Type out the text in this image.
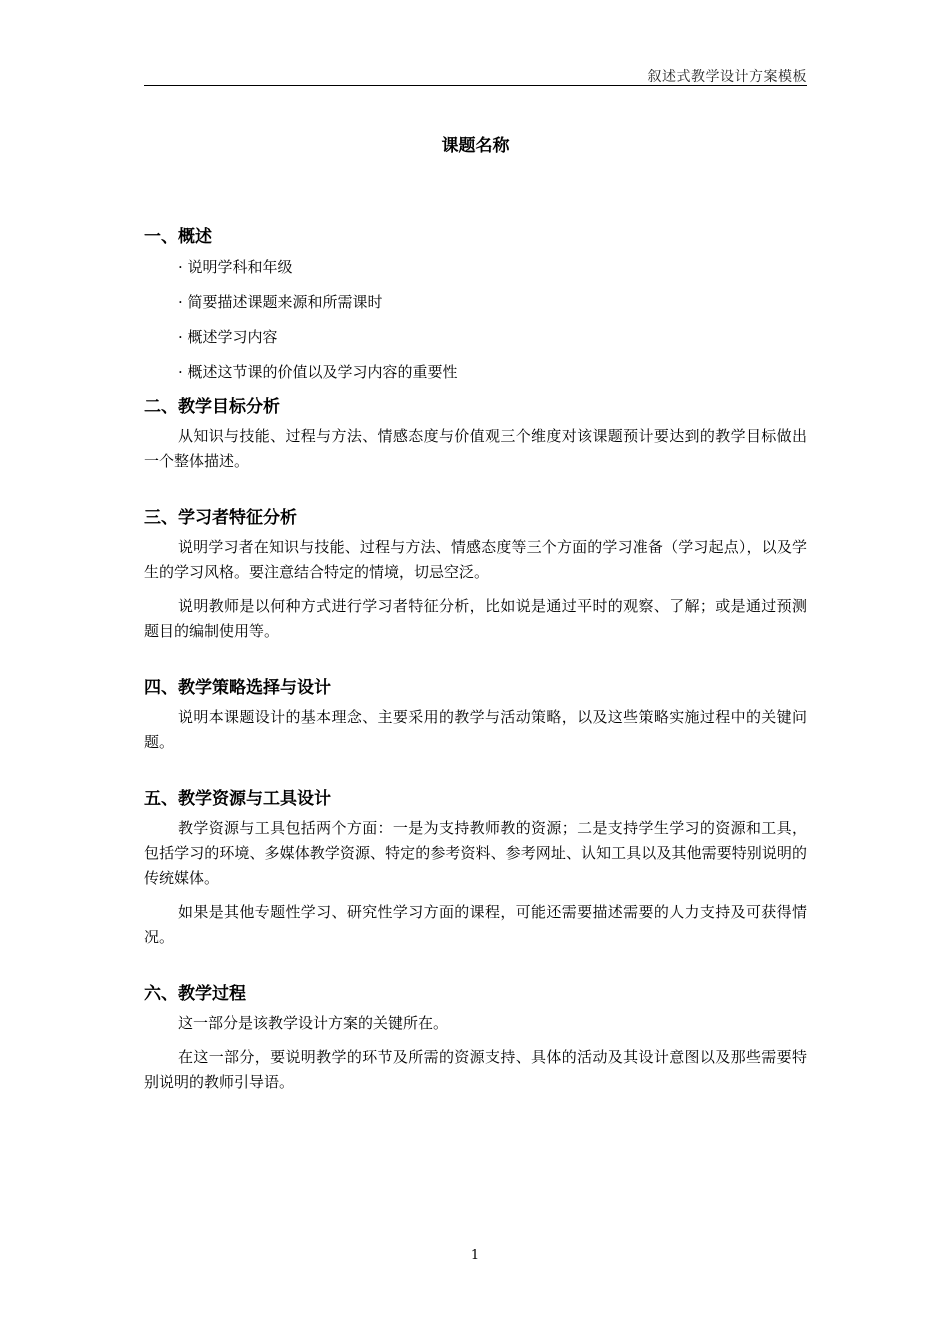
叙述式教学设计方案模板
课题名称
一、概述
· 说明学科和年级
· 简要描述课题来源和所需课时
· 概述学习内容
· 概述这节课的价值以及学习内容的重要性
二、教学目标分析
从知识与技能、过程与方法、情感态度与价值观三个维度对该课题预计要达到的教学目标做出一个整体描述。
三、学习者特征分析
说明学习者在知识与技能、过程与方法、情感态度等三个方面的学习准备（学习起点），以及学生的学习风格。要注意结合特定的情境，切忌空泛。
说明教师是以何种方式进行学习者特征分析，比如说是通过平时的观察、了解；或是通过预测题目的编制使用等。
四、教学策略选择与设计
说明本课题设计的基本理念、主要采用的教学与活动策略，以及这些策略实施过程中的关键问题。
五、教学资源与工具设计
教学资源与工具包括两个方面：一是为支持教师教的资源；二是支持学生学习的资源和工具，包括学习的环境、多媒体教学资源、特定的参考资料、参考网址、认知工具以及其他需要特别说明的传统媒体。
如果是其他专题性学习、研究性学习方面的课程，可能还需要描述需要的人力支持及可获得情况。
六、教学过程
这一部分是该教学设计方案的关键所在。
在这一部分，要说明教学的环节及所需的资源支持、具体的活动及其设计意图以及那些需要特别说明的教师引导语。
1
